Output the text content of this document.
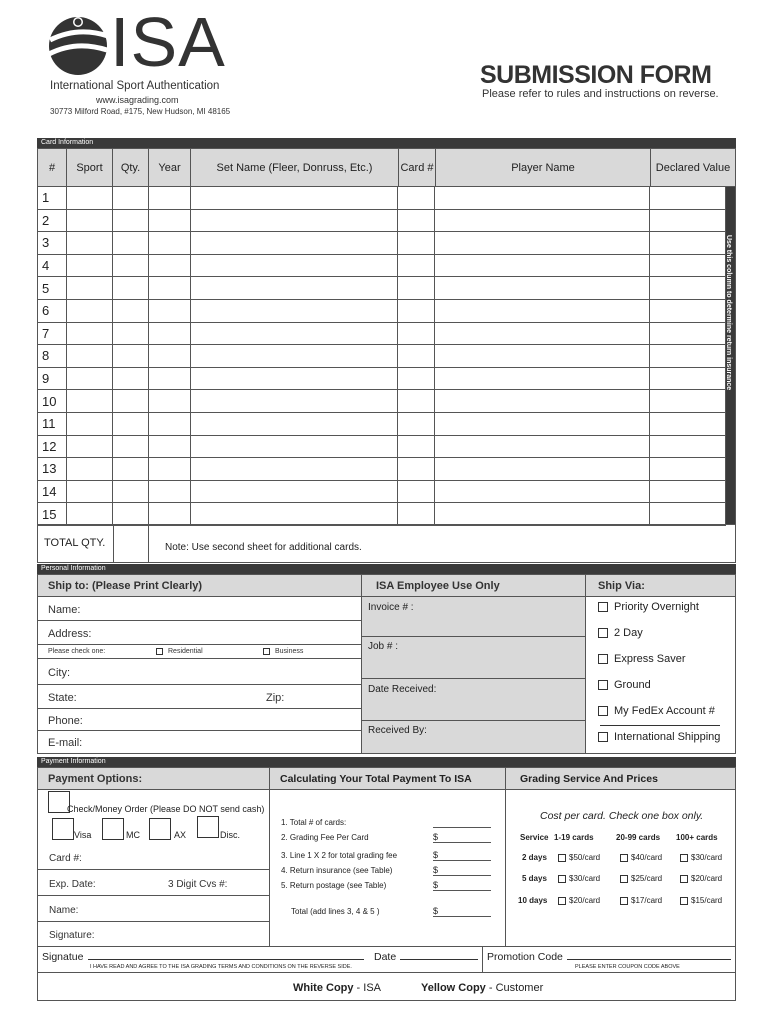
ISA
International Sport Authentication
www.isagrading.com
30773 Milford Road, #175, New Hudson, MI 48165
SUBMISSION FORM
Please refer to rules and instructions on reverse.
Card Information
#	Sport	Qty.	Year	Set Name (Fleer, Donruss, Etc.)	Card #	Player Name	Declared Value
Use this column to determine return insurance
1							
2							
3							
4							
5							
6							
7							
8							
9							
10							
11							
12							
13							
14							
15							
TOTAL QTY.	Note: Use second sheet for additional cards.
Personal Information
Ship to: (Please Print Clearly)	ISA Employee Use Only	Ship Via:
Name:
Address:
Please check one:	Residential	Business
City:
State:	Zip:
Phone:
E-mail:
Invoice # :
Job # :
Date Received:
Received By:
Priority Overnight
2 Day
Express Saver
Ground
My FedEx Account #
International Shipping
Payment Information
Payment Options:	Calculating Your Total Payment To ISA	Grading Service And Prices
Check/Money Order (Please DO NOT send cash)
Visa	MC	AX	Disc.
Card #:
Exp. Date:	3 Digit Cvs #:
Name:
Signature:
1. Total # of cards:
2. Grading Fee Per Card	$
3. Line 1 X 2 for total grading fee	$
4. Return insurance (see Table)	$
5. Return postage (see Table)	$
Total (add lines 3, 4 & 5 )	$
Cost per card. Check one box only.
Service 1-19 cards	20-99 cards 100+ cards
2 days	$50/card	$40/card	$30/card
5 days	$30/card	$25/card	$20/card
10 days	$20/card	$17/card	$15/card
Signatue	Date
I HAVE READ AND AGREE TO THE ISA GRADING TERMS AND CONDITIONS ON THE REVERSE SIDE.
Promotion Code
PLEASE ENTER COUPON CODE ABOVE
White Copy - ISA	Yellow Copy - Customer
